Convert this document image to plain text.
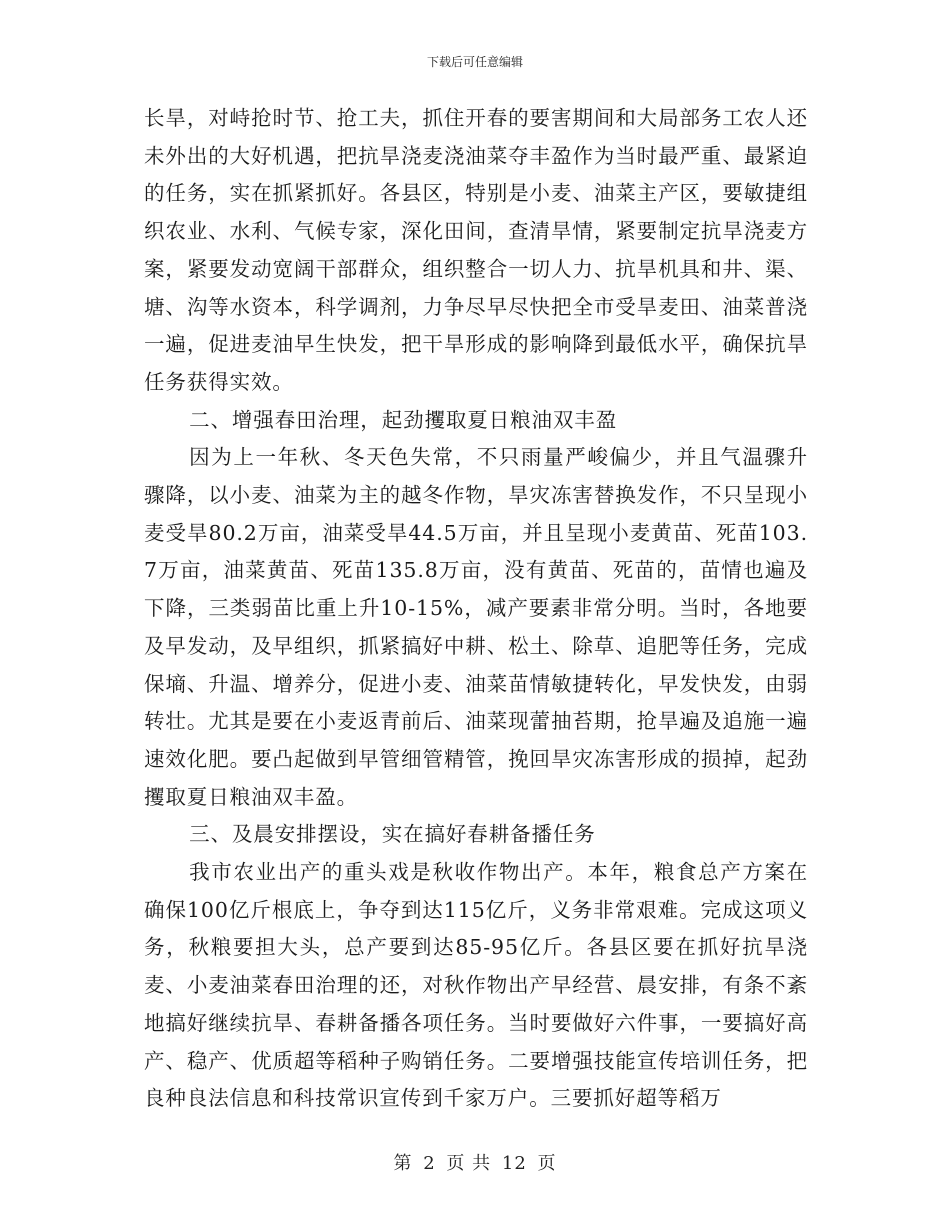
下载后可任意编辑

长旱，对峙抢时节、抢工夫，抓住开春的要害期间和大局部务工农人还未外出的大好机遇，把抗旱浇麦浇油菜夺丰盈作为当时最严重、最紧迫的任务，实在抓紧抓好。各县区，特别是小麦、油菜主产区，要敏捷组织农业、水利、气候专家，深化田间，查清旱情，紧要制定抗旱浇麦方案，紧要发动宽阔干部群众，组织整合一切人力、抗旱机具和井、渠、塘、沟等水资本，科学调剂，力争尽早尽快把全市受旱麦田、油菜普浇一遍，促进麦油早生快发，把干旱形成的影响降到最低水平，确保抗旱任务获得实效。

二、增强春田治理，起劲攫取夏日粮油双丰盈

因为上一年秋、冬天色失常，不只雨量严峻偏少，并且气温骤升骤降，以小麦、油菜为主的越冬作物，旱灾冻害替换发作，不只呈现小麦受旱80.2万亩，油菜受旱44.5万亩，并且呈现小麦黄苗、死苗103.7万亩，油菜黄苗、死苗135.8万亩，没有黄苗、死苗的，苗情也遍及下降，三类弱苗比重上升10-15%，减产要素非常分明。当时，各地要及早发动，及早组织，抓紧搞好中耕、松土、除草、追肥等任务，完成保墒、升温、增养分，促进小麦、油菜苗情敏捷转化，早发快发，由弱转壮。尤其是要在小麦返青前后、油菜现蕾抽苔期，抢旱遍及追施一遍速效化肥。要凸起做到早管细管精管，挽回旱灾冻害形成的损掉，起劲攫取夏日粮油双丰盈。

三、及晨安排摆设，实在搞好春耕备播任务

我市农业出产的重头戏是秋收作物出产。本年，粮食总产方案在确保100亿斤根底上，争夺到达115亿斤，义务非常艰难。完成这项义务，秋粮要担大头，总产要到达85-95亿斤。各县区要在抓好抗旱浇麦、小麦油菜春田治理的还，对秋作物出产早经营、晨安排，有条不紊地搞好继续抗旱、春耕备播各项任务。当时要做好六件事，一要搞好高产、稳产、优质超等稻种子购销任务。二要增强技能宣传培训任务，把良种良法信息和科技常识宣传到千家万户。三要抓好超等稻万

第 2 页 共 12 页
